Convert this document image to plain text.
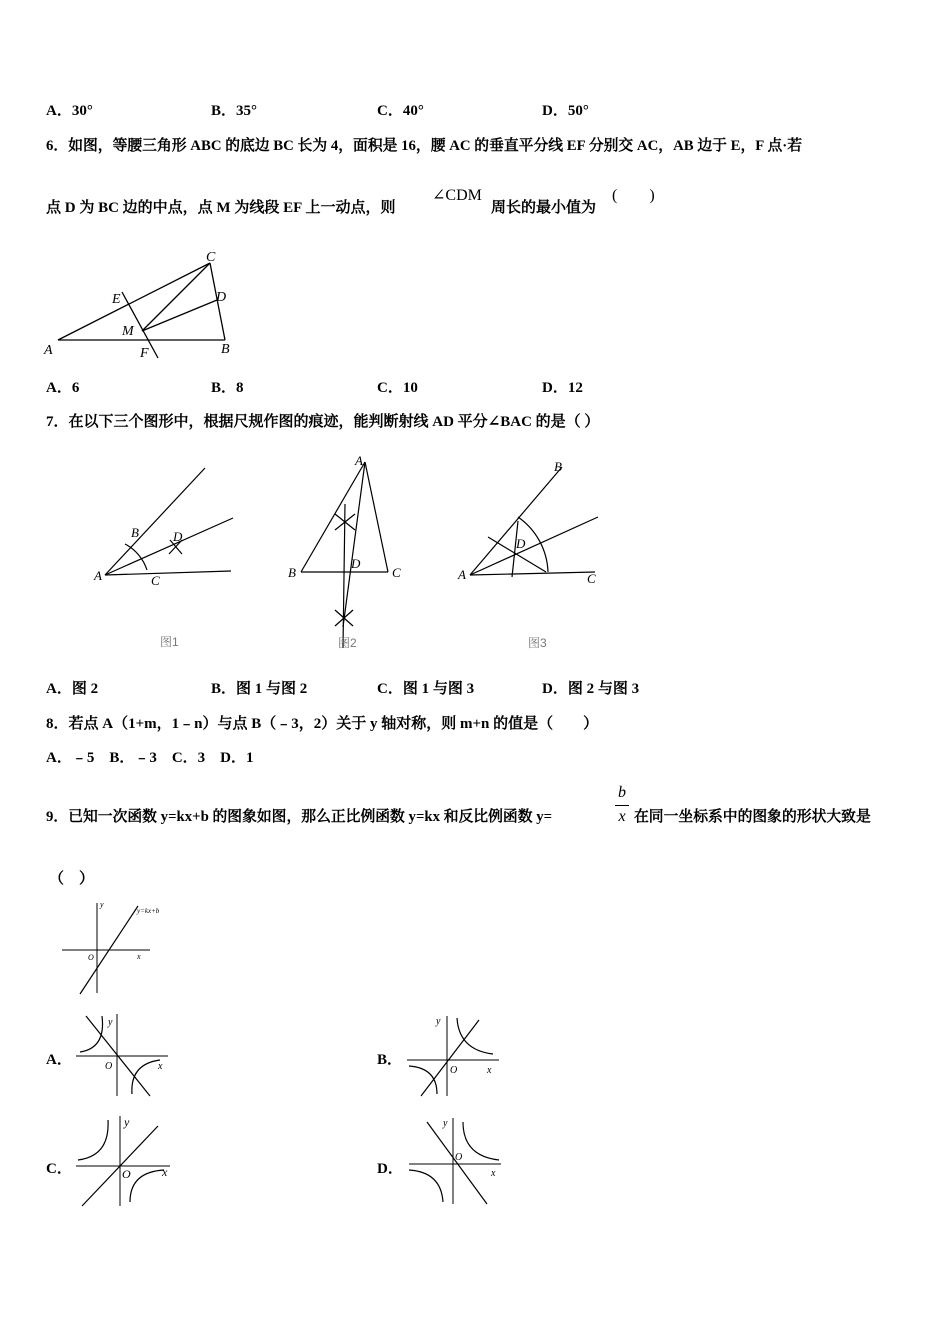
A．30°	B．35°	C．40°	D．50°
6．如图，等腰三角形 ABC 的底边 BC 长为 4，面积是 16，腰 AC 的垂直平分线 EF 分别交 AC，AB 边于 E，F 点·若
点 D 为 BC 边的中点，点 M 为线段 EF 上一动点，则
∠CDM
周长的最小值为
(　　)
A	B
C
D
E
F
M
A．6	B．8	C．10	D．12
7．在以下三个图形中，根据尺规作图的痕迹，能判断射线 AD 平分∠BAC 的是（ ）
A
B	D
C
图1
A
B	C
D
图2
A
B
D
C
图3
A．图 2	B．图 1 与图 2	C．图 1 与图 3	D．图 2 与图 3
8．若点 A（1+m，1﹣n）与点 B（﹣3，2）关于 y 轴对称，则 m+n 的值是（　　）
A．﹣5　B．﹣3　C．3　D．1
9．已知一次函数 y=kx+b 的图象如图，那么正比例函数 y=kx 和反比例函数 y=
b
x 在同一坐标系中的图象的形状大致是
（　）
y
x
O
y=kx+b
A．
y
x
O	B．
y
x
O
C．
y
x
O	D．
y
x
O
